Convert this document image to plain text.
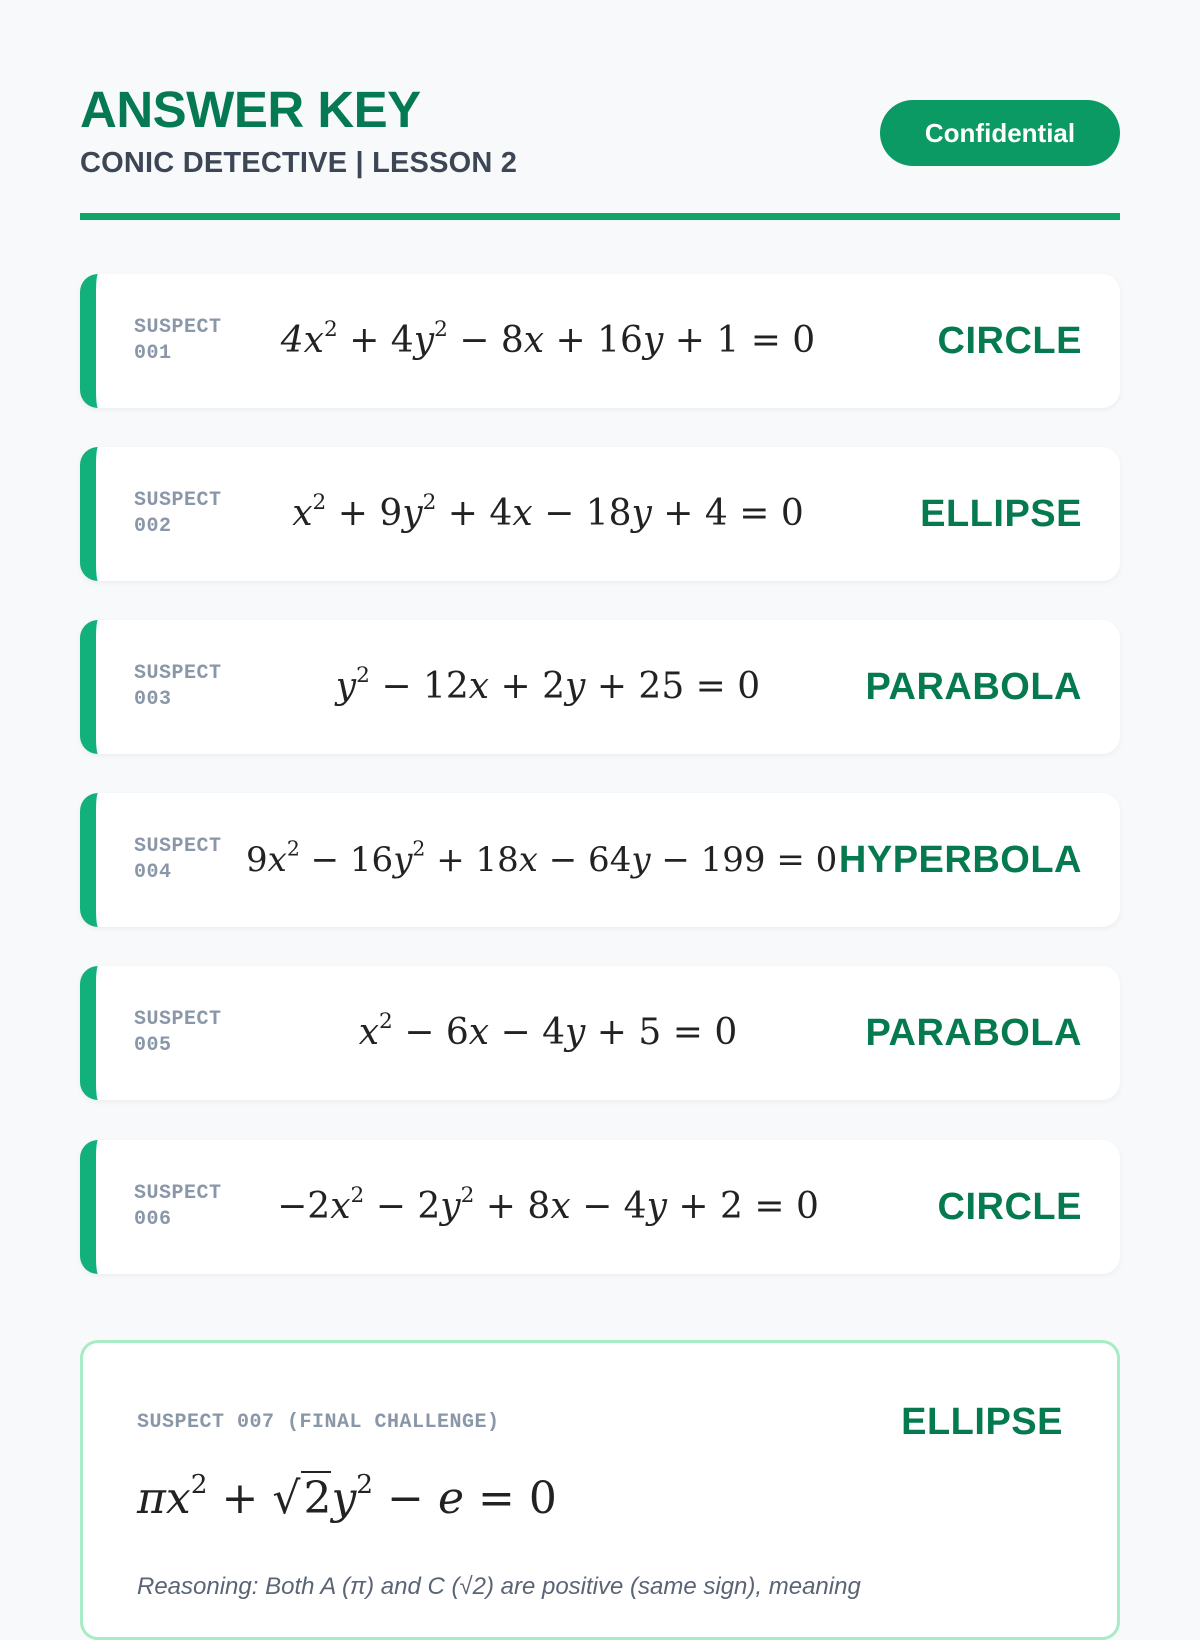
ANSWER KEY
CONIC DETECTIVE | LESSON 2
Confidential
SUSPECT 001	$4x^2 + 4y^2 - 8x + 16y + 1 = 0$	CIRCLE
SUSPECT 002	$x^2 + 9y^2 + 4x - 18y + 4 = 0$	ELLIPSE
SUSPECT 003	$y^2 - 12x + 2y + 25 = 0$	PARABOLA
SUSPECT 004	$9x^2 - 16y^2 + 18x - 64y - 199 = 0$ HYPERBOLA
SUSPECT 005	$x^2 - 6x - 4y + 5 = 0$	PARABOLA
SUSPECT 006	$-2x^2 - 2y^2 + 8x - 4y + 2 = 0$	CIRCLE
SUSPECT 007 (FINAL CHALLENGE)	ELLIPSE
$\pi x^2 + √2y^2 - e = 0$
Reasoning: Both A (π) and C (√2) are positive (same sign), meaning
